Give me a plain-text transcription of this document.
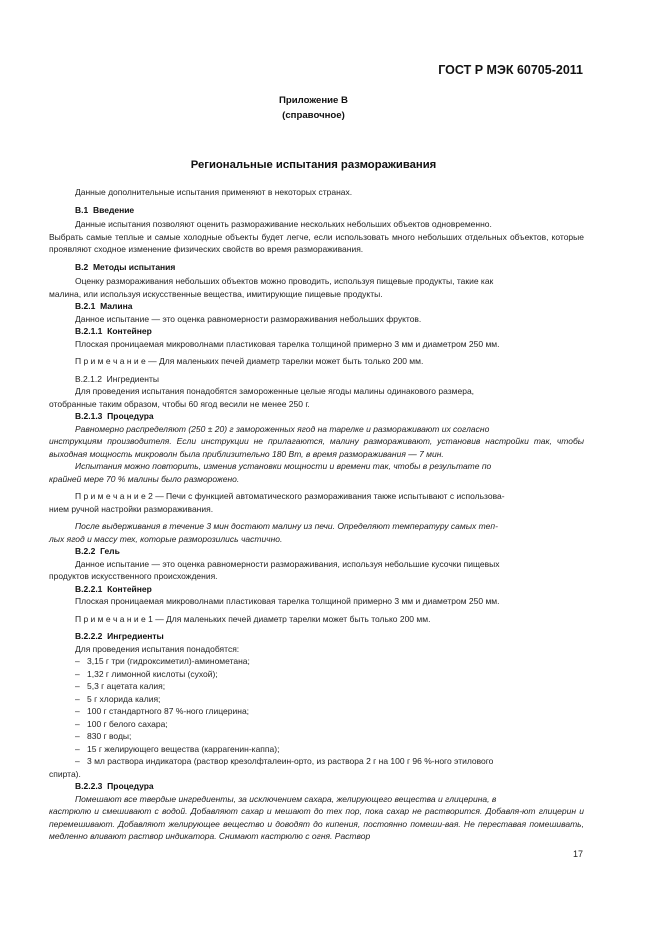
ГОСТ Р МЭК 60705-2011
Приложение В
(справочное)
Региональные испытания размораживания

Данные дополнительные испытания применяют в некоторых странах.

В.1 Введение

Данные испытания позволяют оценить размораживание нескольких небольших объектов одновременно.

Выбрать самые теплые и самые холодные объекты будет легче, если использовать много небольших отдельных объектов, которые проявляют сходное изменение физических свойств во время размораживания.

В.2 Методы испытания

Оценку размораживания небольших объектов можно проводить, используя пищевые продукты, такие как

малина, или используя искусственные вещества, имитирующие пищевые продукты.

В.2.1 Малина

Данное испытание — это оценка равномерности размораживания небольших фруктов.

В.2.1.1 Контейнер

Плоская проницаемая микроволнами пластиковая тарелка толщиной примерно 3 мм и диаметром 250 мм.

П р и м е ч а н и е — Для маленьких печей диаметр тарелки может быть только 200 мм.

В.2.1.2 Ингредиенты

Для проведения испытания понадобятся замороженные целые ягоды малины одинакового размера,

отобранные таким образом, чтобы 60 ягод весили не менее 250 г.

В.2.1.3 Процедура

Равномерно распределяют (250 ± 20) г замороженных ягод на тарелке и размораживают их согласно

инструкциям производителя. Если инструкции не прилагаются, малину размораживают, установив настройки так, чтобы выходная мощность микроволн была приблизительно 180 Вт, в время размораживания — 7 мин.

Испытания можно повторить, изменив установки мощности и времени так, чтобы в результате по

крайней мере 70 % малины было разморожено.

П р и м е ч а н и е 2 — Печи с функцией автоматического размораживания также испытывают с использова-

нием ручной настройки размораживания.

После выдерживания в течение 3 мин достают малину из печи. Определяют температуру самых теп-

лых ягод и массу тех, которые разморозились частично.

В.2.2 Гель

Данное испытание — это оценка равномерности размораживания, используя небольшие кусочки пищевых

продуктов искусственного происхождения.

В.2.2.1 Контейнер

Плоская проницаемая микроволнами пластиковая тарелка толщиной примерно 3 мм и диаметром 250 мм.

П р и м е ч а н и е 1 — Для маленьких печей диаметр тарелки может быть только 200 мм.

В.2.2.2 Ингредиенты

Для проведения испытания понадобятся:

– 3,15 г три (гидроксиметил)-аминометана;

– 1,32 г лимонной кислоты (сухой);

– 5,3 г ацетата калия;

– 5 г хлорида калия;

– 100 г стандартного 87 %-ного глицерина;

– 100 г белого сахара;

– 830 г воды;

– 15 г желирующего вещества (каррагенин-каппа);

– 3 мл раствора индикатора (раствор крезолфталеин-орто, из раствора 2 г на 100 г 96 %-ного этилового

спирта).

В.2.2.3 Процедура

Помешают все твердые ингредиенты, за исключением сахара, желирующего вещества и глицерина, в

кастрюлю и смешивают с водой. Добавляют сахар и мешают до тех пор, пока сахар не растворится. Добавля-ют глицерин и перемешивают. Добавляют желирующее вещество и доводят до кипения, постоянно помеши-вая. Не переставая помешивать, медленно вливают раствор индикатора. Снимают кастрюлю с огня. Раствор

17
